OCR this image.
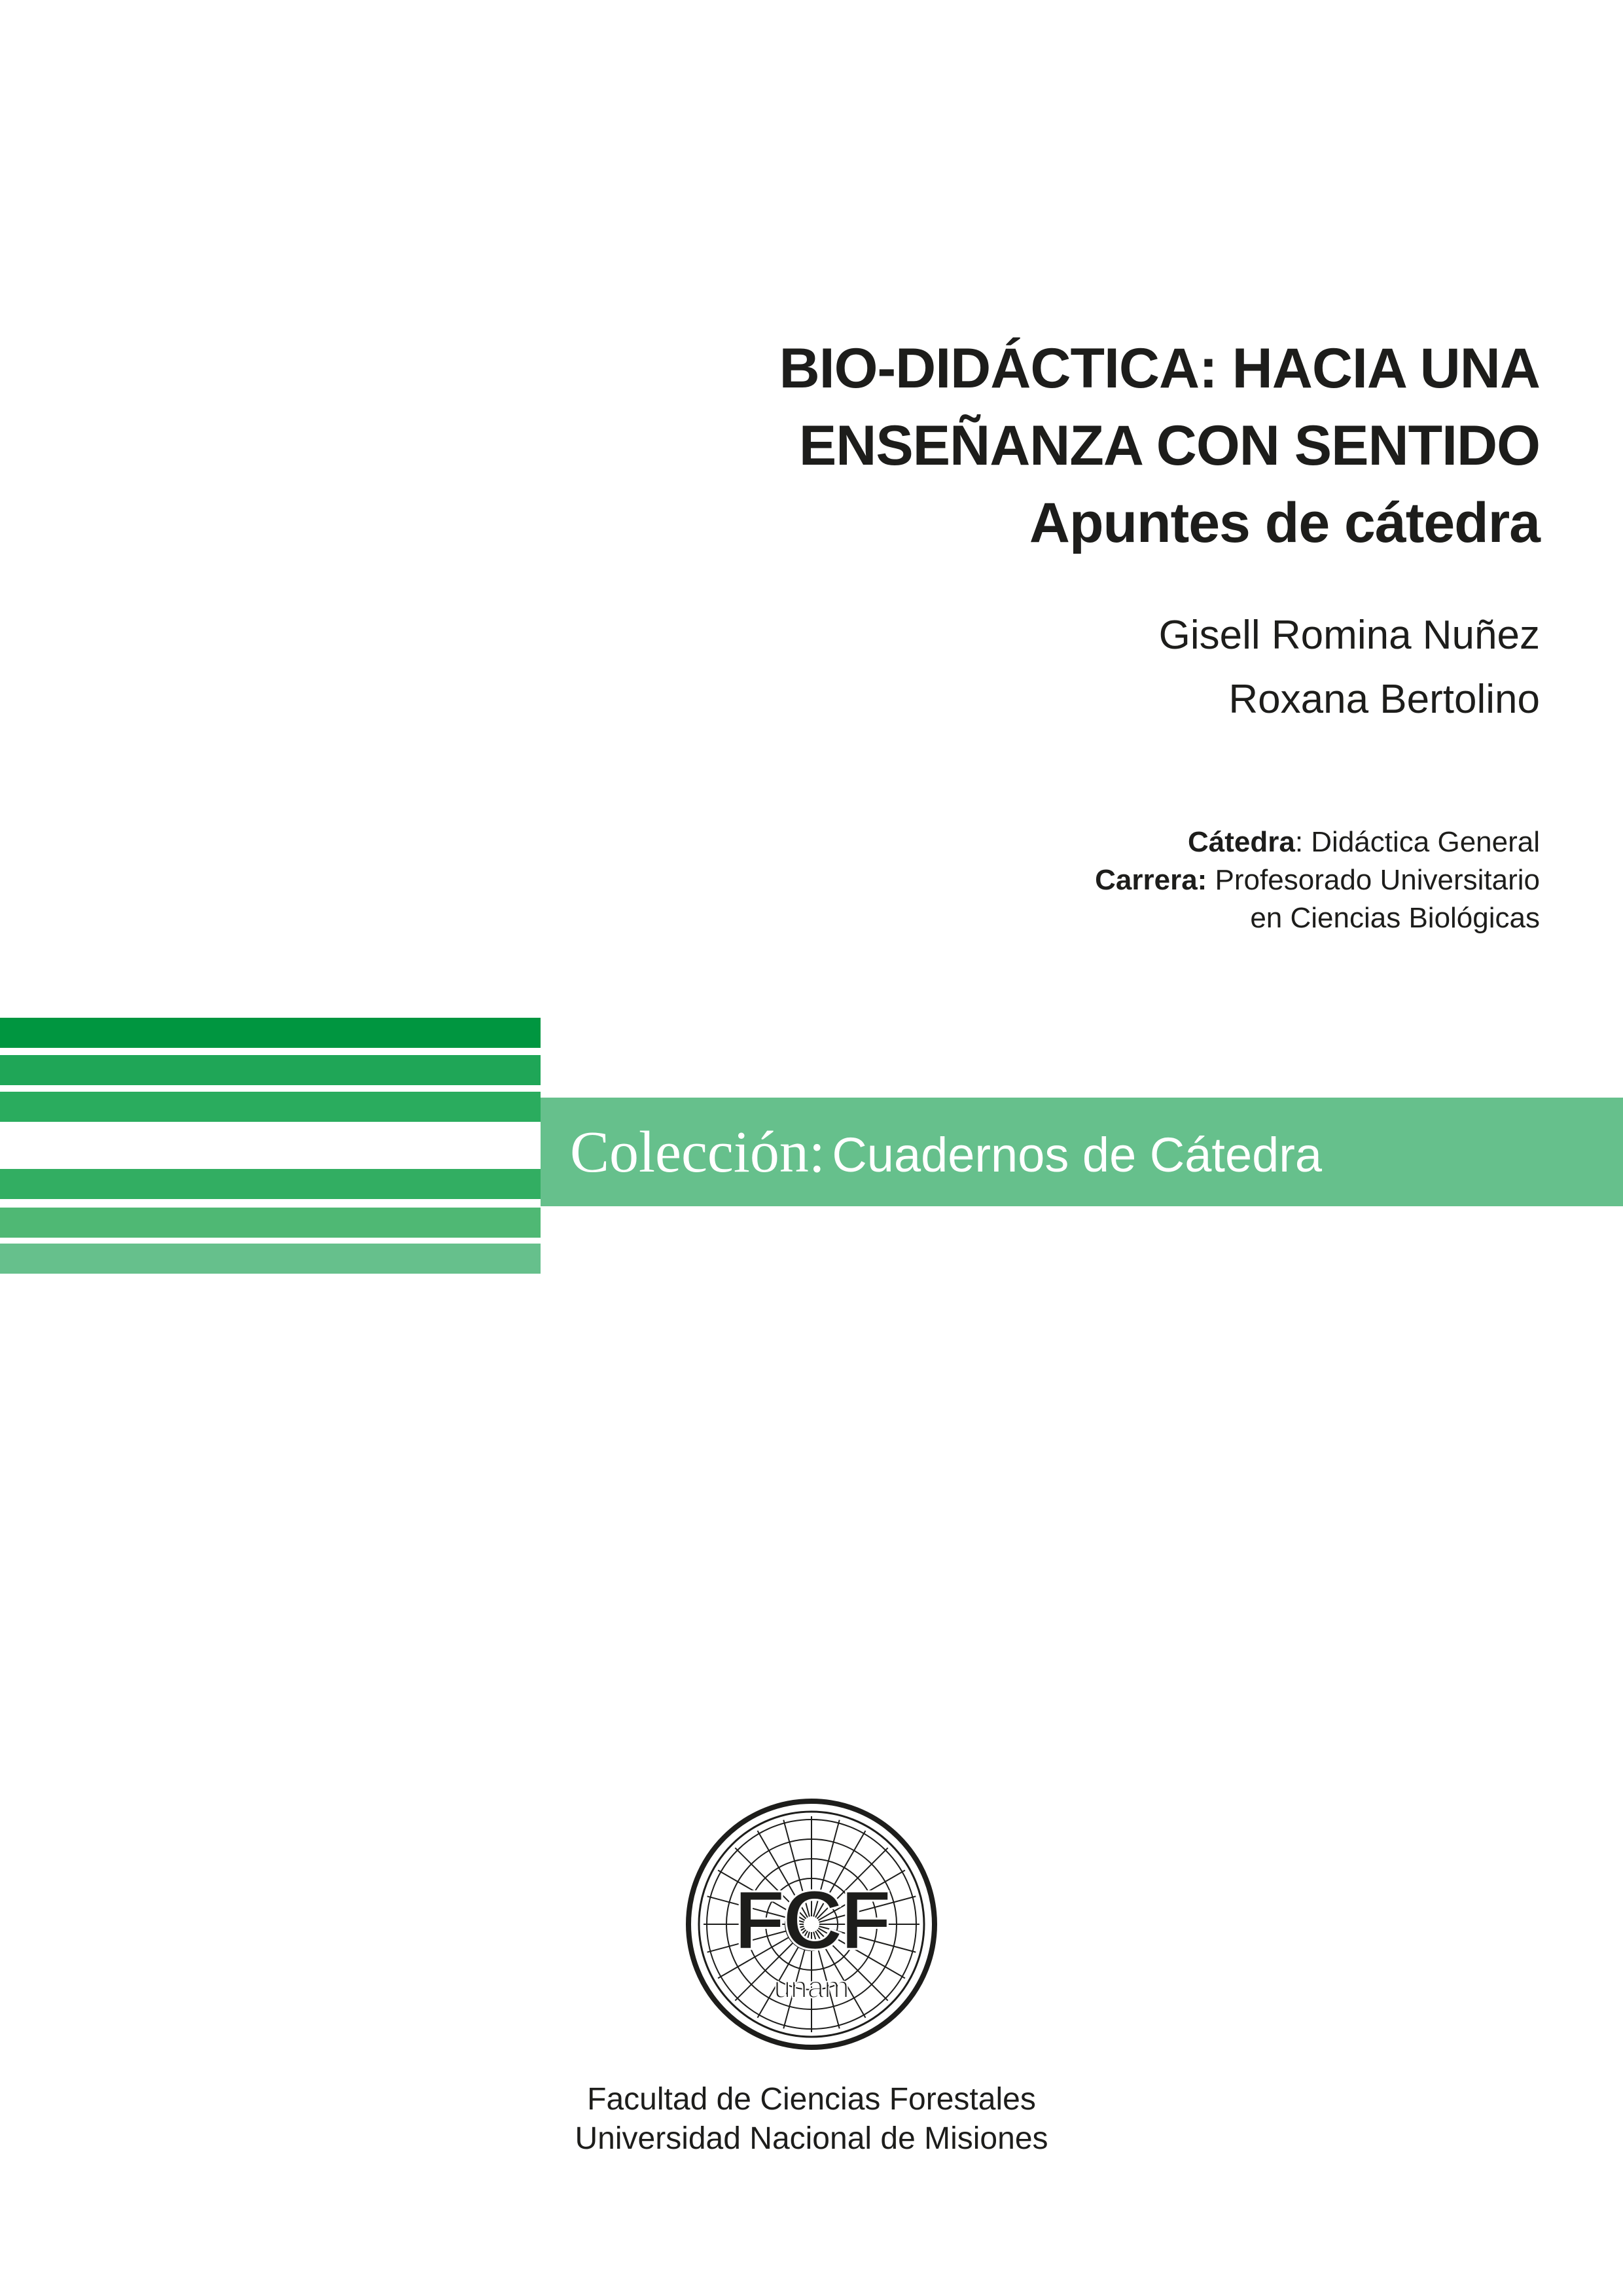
BIO-DIDÁCTICA: HACIA UNA
ENSEÑANZA CON SENTIDO
Apuntes de cátedra
Gisell Romina Nuñez
Roxana Bertolino
Cátedra: Didáctica General
Carrera: Profesorado Universitario
en Ciencias Biológicas
Colección: Cuadernos de Cátedra
FCF
unam
Facultad de Ciencias Forestales
Universidad Nacional de Misiones
